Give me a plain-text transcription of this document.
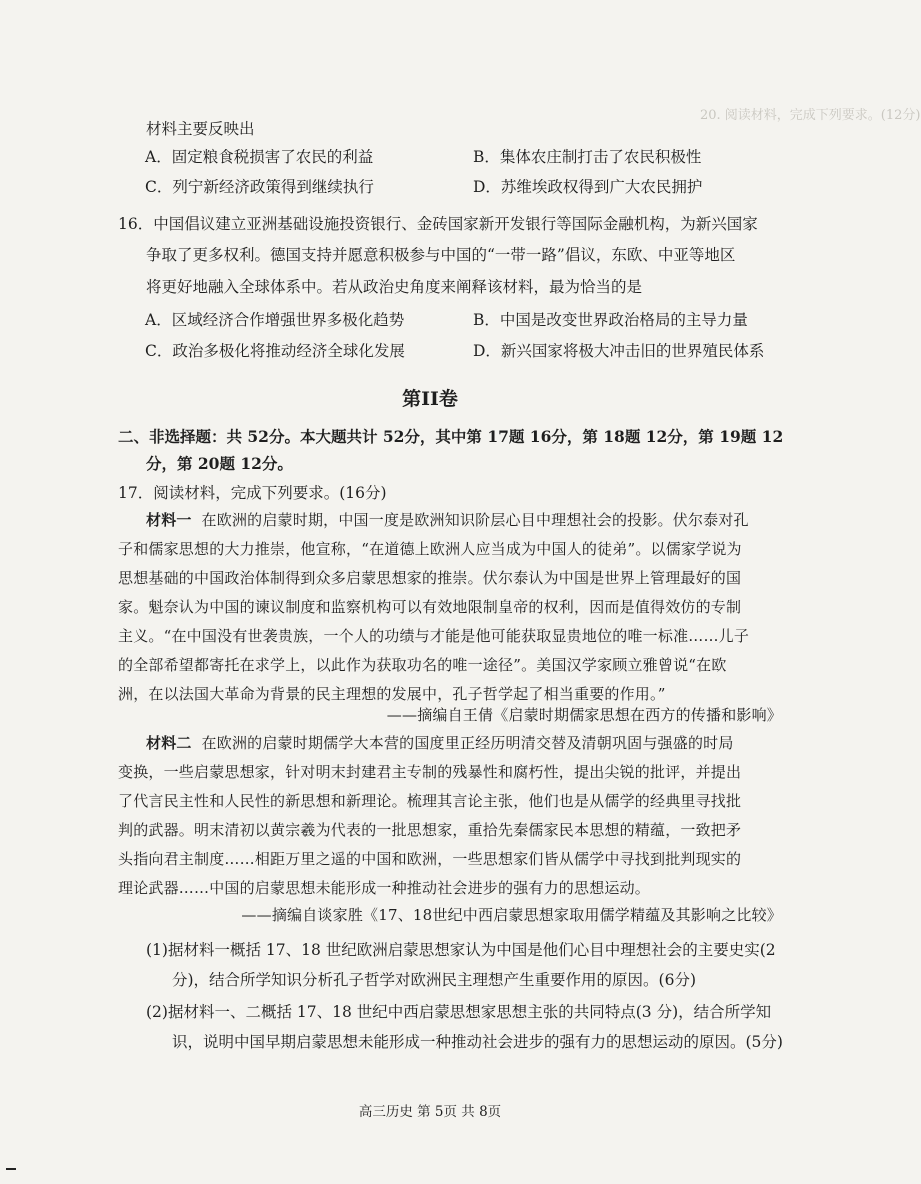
20. 阅读材料，完成下列要求。(12分)
材料主要反映出
A．固定粮食税损害了农民的利益	B．集体农庄制打击了农民积极性
C．列宁新经济政策得到继续执行	D．苏维埃政权得到广大农民拥护
16．中国倡议建立亚洲基础设施投资银行、金砖国家新开发银行等国际金融机构，为新兴国家
争取了更多权利。德国支持并愿意积极参与中国的“一带一路”倡议，东欧、中亚等地区
将更好地融入全球体系中。若从政治史角度来阐释该材料，最为恰当的是
A．区域经济合作增强世界多极化趋势	B．中国是改变世界政治格局的主导力量
C．政治多极化将推动经济全球化发展	D．新兴国家将极大冲击旧的世界殖民体系
第II卷
二、非选择题：共 52分。本大题共计 52分，其中第 17题 16分，第 18题 12分，第 19题 12
分，第 20题 12分。
17．阅读材料，完成下列要求。(16分)
材料一 在欧洲的启蒙时期，中国一度是欧洲知识阶层心目中理想社会的投影。伏尔泰对孔
子和儒家思想的大力推崇，他宣称，“在道德上欧洲人应当成为中国人的徒弟”。以儒家学说为
思想基础的中国政治体制得到众多启蒙思想家的推崇。伏尔泰认为中国是世界上管理最好的国
家。魁奈认为中国的谏议制度和监察机构可以有效地限制皇帝的权利，因而是值得效仿的专制
主义。“在中国没有世袭贵族，一个人的功绩与才能是他可能获取显贵地位的唯一标准……儿子
的全部希望都寄托在求学上，以此作为获取功名的唯一途径”。美国汉学家顾立雅曾说“在欧
洲，在以法国大革命为背景的民主理想的发展中，孔子哲学起了相当重要的作用。”
——摘编自王倩《启蒙时期儒家思想在西方的传播和影响》
材料二 在欧洲的启蒙时期儒学大本营的国度里正经历明清交替及清朝巩固与强盛的时局
变换，一些启蒙思想家，针对明末封建君主专制的残暴性和腐朽性，提出尖锐的批评，并提出
了代言民主性和人民性的新思想和新理论。梳理其言论主张，他们也是从儒学的经典里寻找批
判的武器。明末清初以黄宗羲为代表的一批思想家，重拾先秦儒家民本思想的精蕴，一致把矛
头指向君主制度……相距万里之遥的中国和欧洲，一些思想家们皆从儒学中寻找到批判现实的
理论武器……中国的启蒙思想未能形成一种推动社会进步的强有力的思想运动。
——摘编自谈家胜《17、18世纪中西启蒙思想家取用儒学精蕴及其影响之比较》
(1)据材料一概括 17、18 世纪欧洲启蒙思想家认为中国是他们心目中理想社会的主要史实(2
分)，结合所学知识分析孔子哲学对欧洲民主理想产生重要作用的原因。(6分)
(2)据材料一、二概括 17、18 世纪中西启蒙思想家思想主张的共同特点(3 分)，结合所学知
识，说明中国早期启蒙思想未能形成一种推动社会进步的强有力的思想运动的原因。(5分)
高三历史 第 5页 共 8页
